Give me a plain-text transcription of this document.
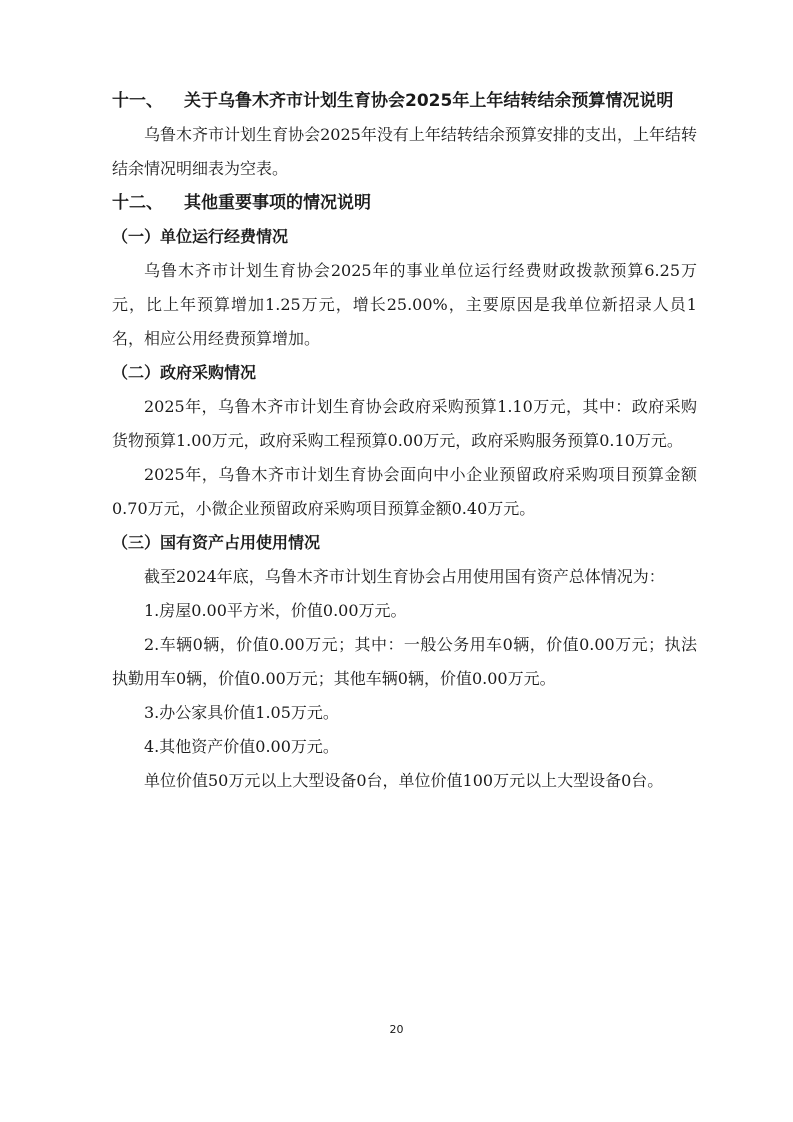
十一、 关于乌鲁木齐市计划生育协会2025年上年结转结余预算情况说明

乌鲁木齐市计划生育协会2025年没有上年结转结余预算安排的支出，上年结转结余情况明细表为空表。

十二、 其他重要事项的情况说明

（一）单位运行经费情况

乌鲁木齐市计划生育协会2025年的事业单位运行经费财政拨款预算6.25万元，比上年预算增加1.25万元，增长25.00%，主要原因是我单位新招录人员1名，相应公用经费预算增加。

（二）政府采购情况

2025年，乌鲁木齐市计划生育协会政府采购预算1.10万元，其中：政府采购货物预算1.00万元，政府采购工程预算0.00万元，政府采购服务预算0.10万元。

2025年，乌鲁木齐市计划生育协会面向中小企业预留政府采购项目预算金额0.70万元，小微企业预留政府采购项目预算金额0.40万元。

（三）国有资产占用使用情况

截至2024年底，乌鲁木齐市计划生育协会占用使用国有资产总体情况为：

1.房屋0.00平方米，价值0.00万元。

2.车辆0辆，价值0.00万元；其中：一般公务用车0辆，价值0.00万元；执法执勤用车0辆，价值0.00万元；其他车辆0辆，价值0.00万元。

3.办公家具价值1.05万元。

4.其他资产价值0.00万元。

单位价值50万元以上大型设备0台，单位价值100万元以上大型设备0台。

20
